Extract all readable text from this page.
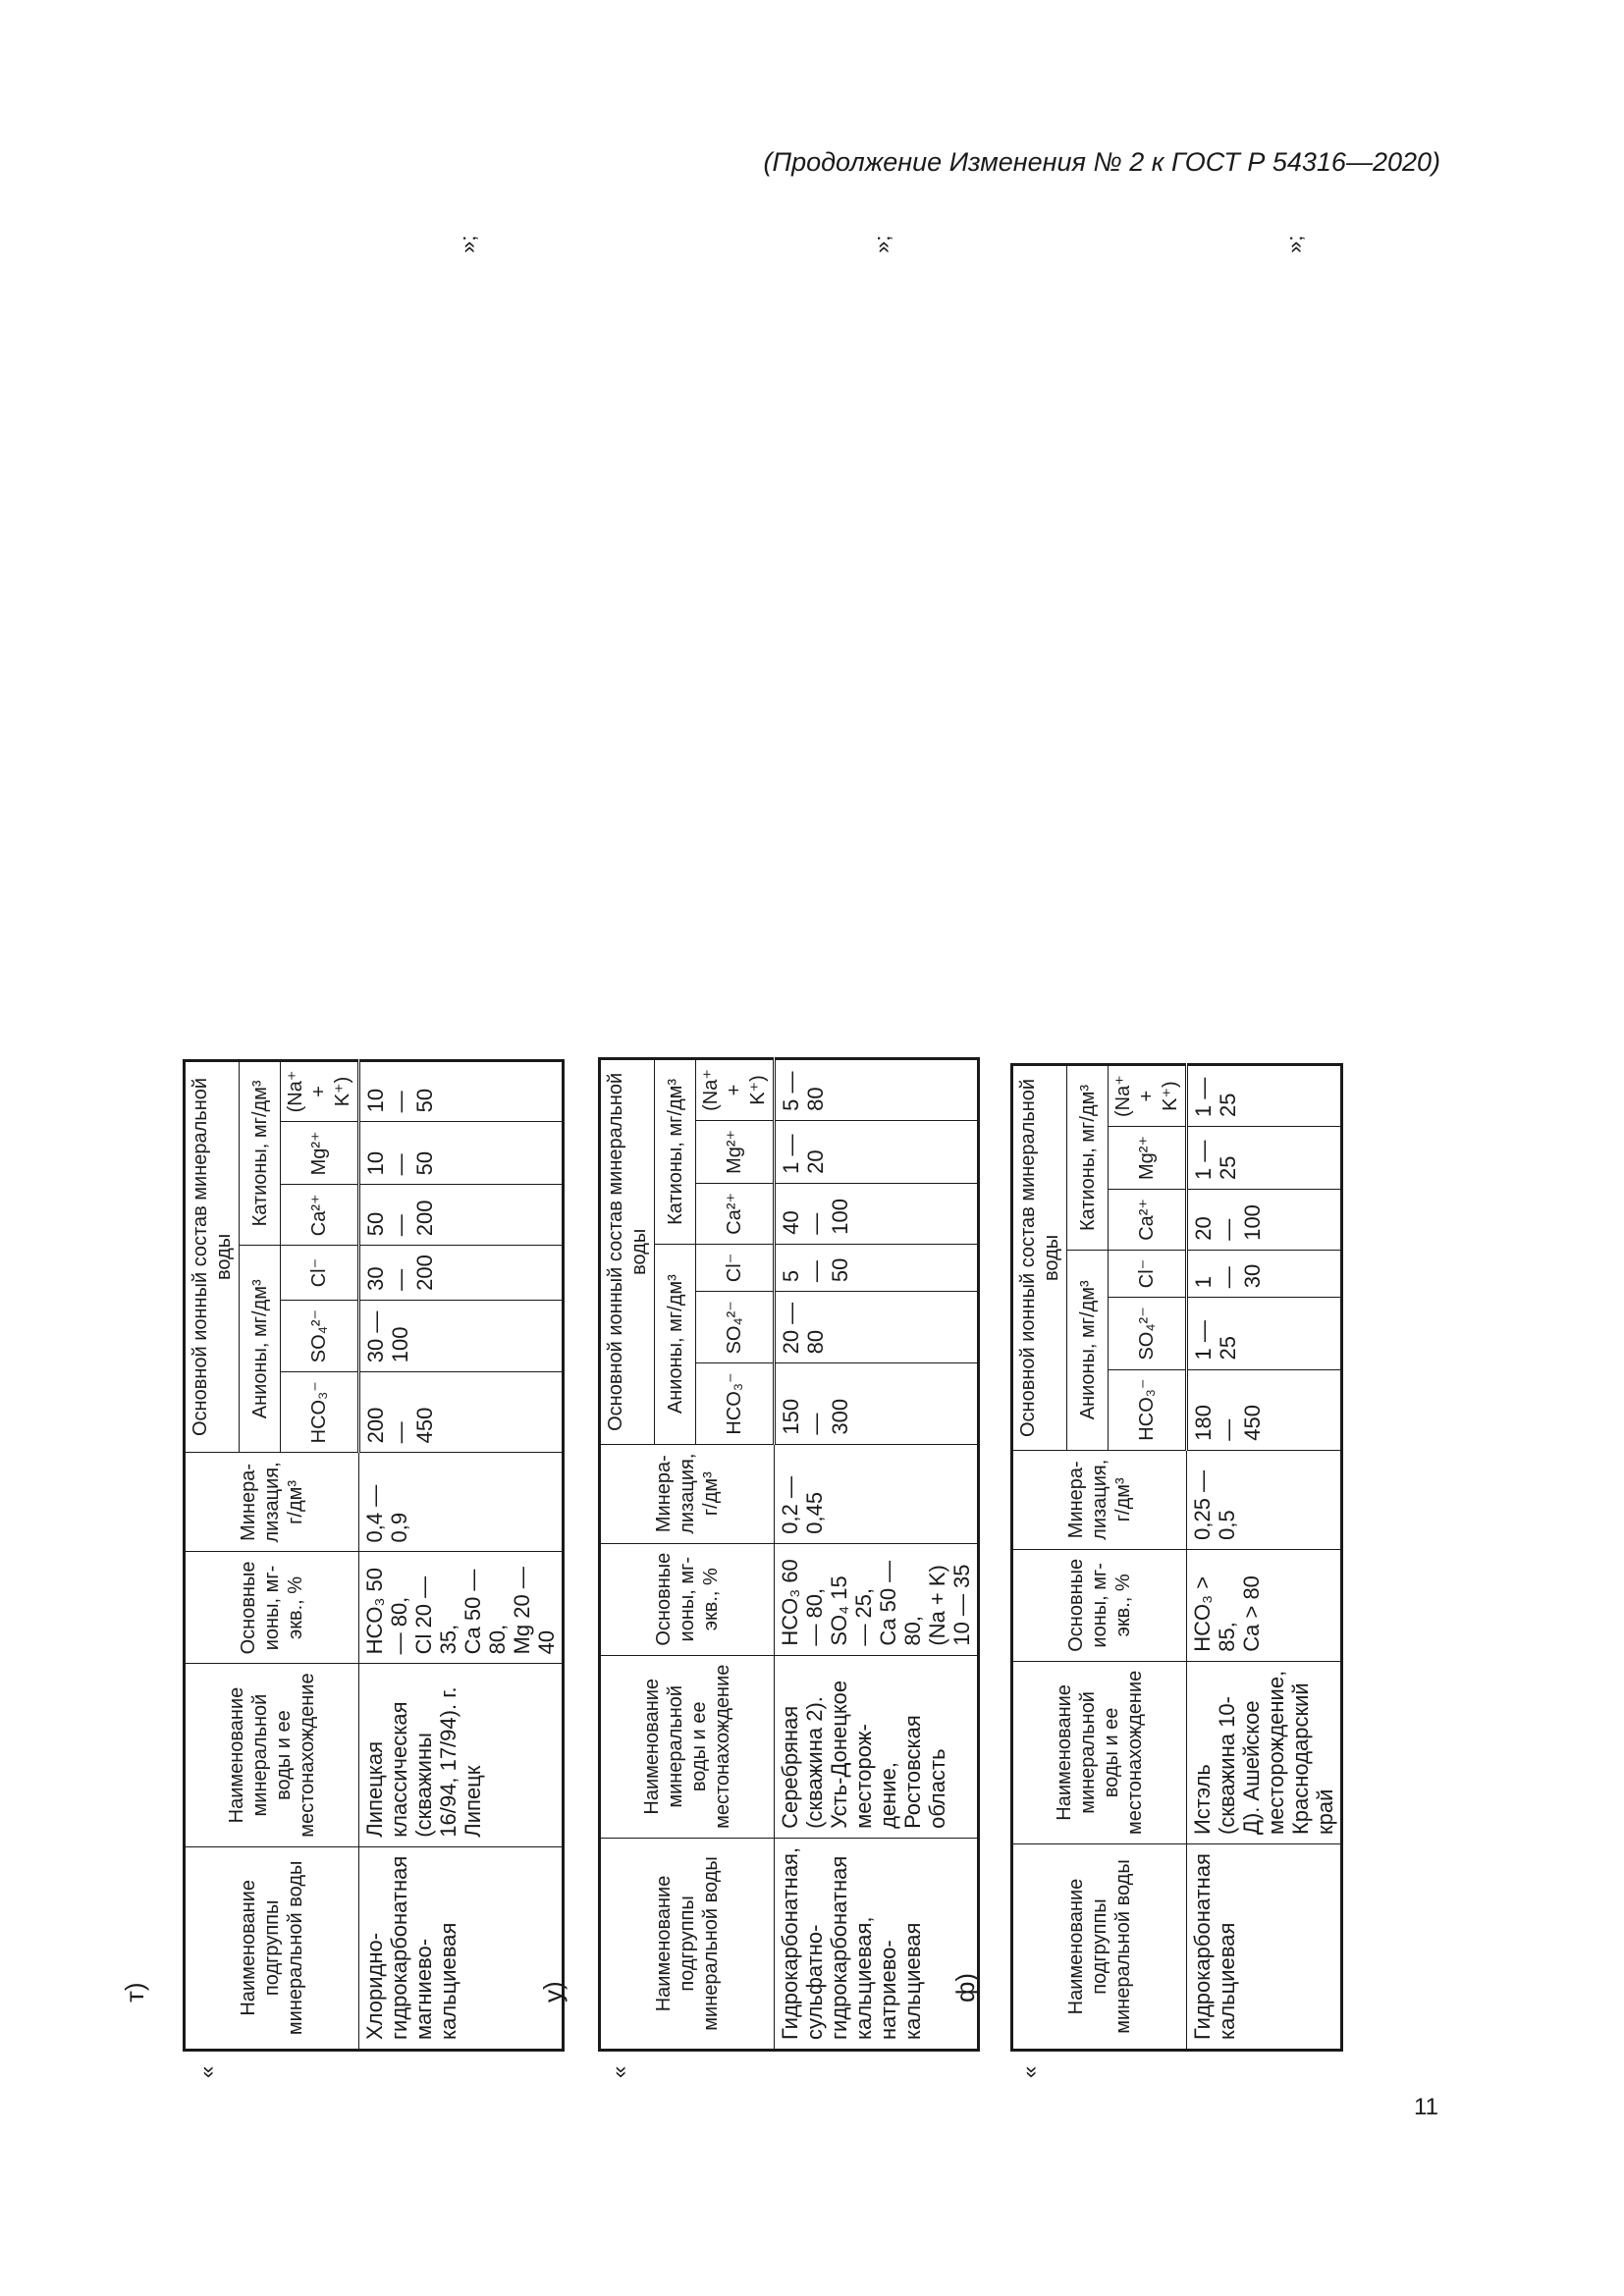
(Продолжение Изменения № 2 к ГОСТ Р 54316—2020)
т)
«
»;
Наименование подгруппы минеральной воды	Наименование минеральной воды и ее местонахождение	Основные ионы, мг-экв., %	Минера-лизация, г/дм³	Основной ионный состав минеральной воды					
				Анионы, мг/дм³			Катионы, мг/дм³		
				HCO₃⁻	SO₄²⁻	Cl⁻	Ca²⁺	Mg²⁺	(Na⁺ + K⁺)
Хлоридно-гидрокарбонатная магниево-кальциевая	Липецкая классическая (скважины 16/94, 17/94). г. Липецк	HCO₃ 50 — 80,
Cl 20 — 35,
Ca 50 — 80,
Mg 20 — 40	0,4 — 0,9	200 — 450	30 — 100	30 — 200	50 — 200	10 — 50	10 — 50
у)
«
»;
Наименование подгруппы минеральной воды	Наименование минеральной воды и ее местонахождение	Основные ионы, мг-экв., %	Минера-лизация, г/дм³	Основной ионный состав минеральной воды					
				Анионы, мг/дм³			Катионы, мг/дм³		
				HCO₃⁻	SO₄²⁻	Cl⁻	Ca²⁺	Mg²⁺	(Na⁺ + K⁺)
Гидрокарбонатная, сульфатно-гидрокарбонатная кальциевая, натриево-кальциевая	Серебряная (скважина 2). Усть-Донецкое месторож-дение, Ростовская область	HCO₃ 60 — 80,
SO₄ 15 — 25,
Ca 50 — 80,
(Na + K) 10 — 35	0,2 — 0,45	150 — 300	20 — 80	5 — 50	40 — 100	1 — 20	5 — 80
ф)
«
»;
Наименование подгруппы минеральной воды	Наименование минеральной воды и ее местонахождение	Основные ионы, мг-экв., %	Минера-лизация, г/дм³	Основной ионный состав минеральной воды					
				Анионы, мг/дм³			Катионы, мг/дм³		
				HCO₃⁻	SO₄²⁻	Cl⁻	Ca²⁺	Mg²⁺	(Na⁺ + K⁺)
Гидрокарбонатная кальциевая	Истэль (скважина 10-Д). Ашейское месторождение, Краснодарский край	HCO₃ > 85,
Ca > 80	0,25 — 0,5	180 — 450	1 — 25	1 — 30	20 — 100	1 — 25	1 — 25
11
